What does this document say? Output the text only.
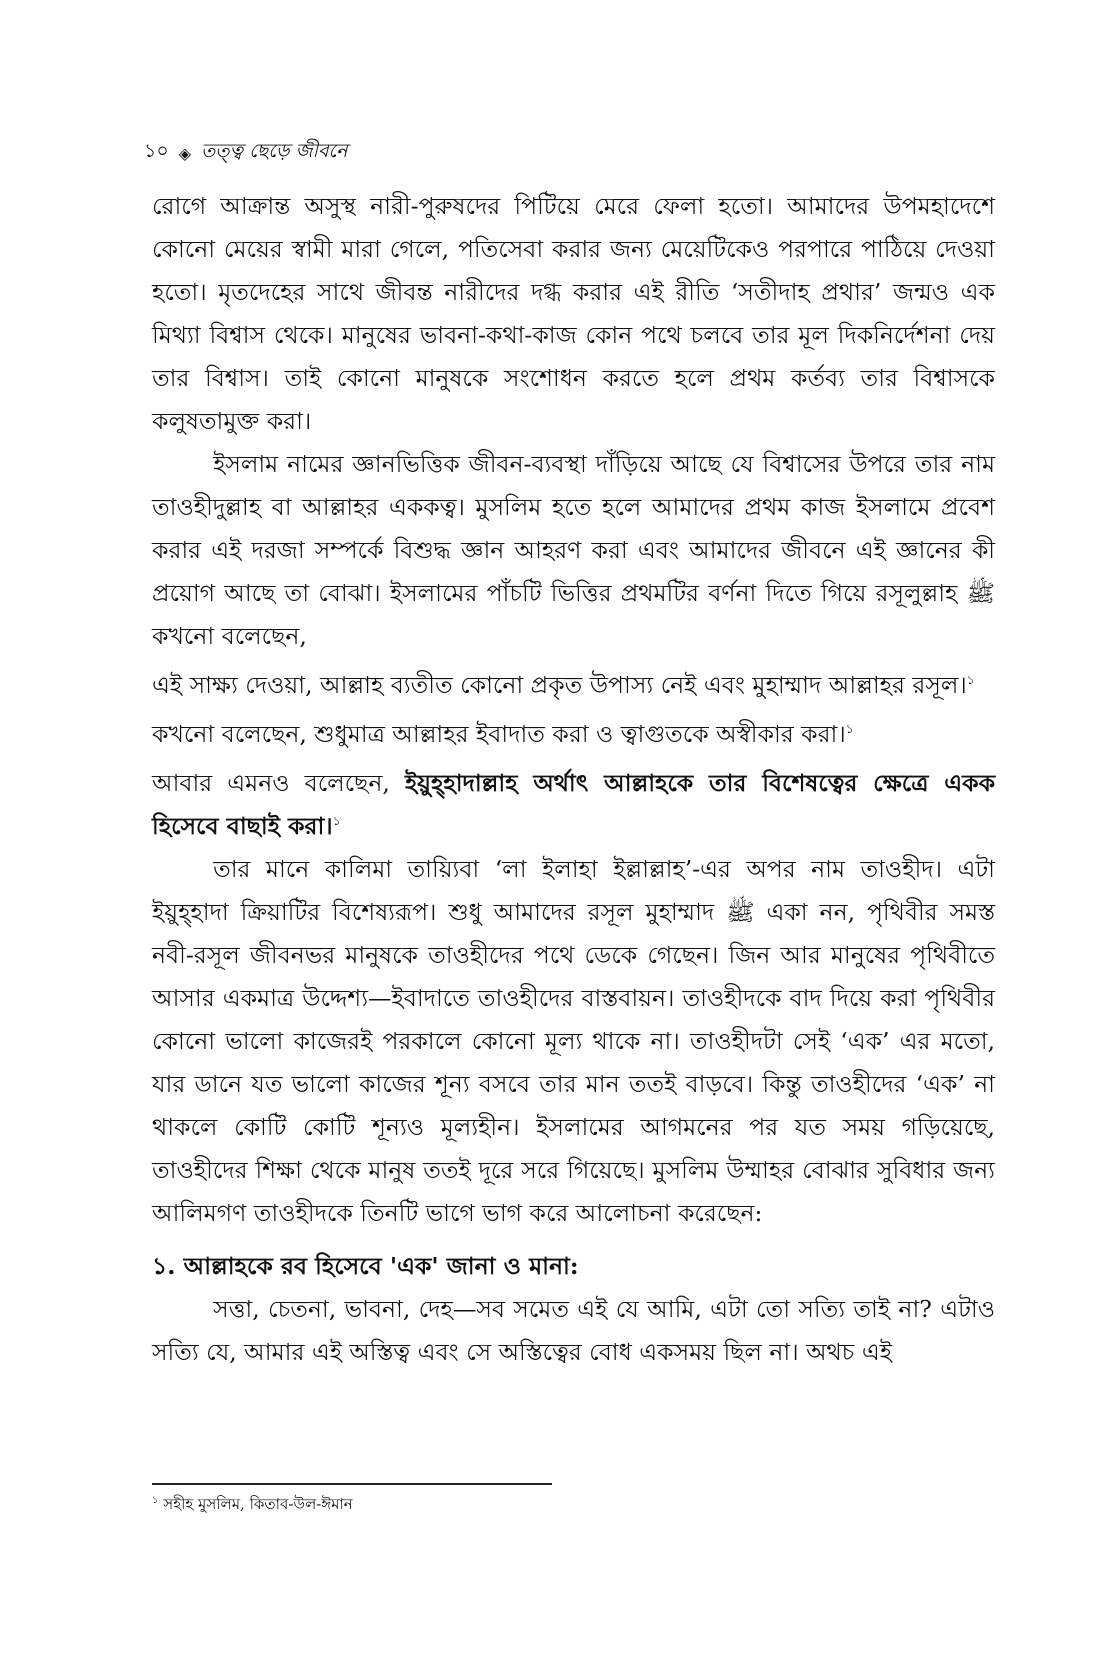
১০ ◈ তত্ত্ব ছেড়ে জীবনে

রোগে আক্রান্ত অসুস্থ নারী-পুরুষদের পিটিয়ে মেরে ফেলা হতো। আমাদের উপমহাদেশে কোনো মেয়ের স্বামী মারা গেলে, পতিসেবা করার জন্য মেয়েটিকেও পরপারে পাঠিয়ে দেওয়া হতো। মৃতদেহের সাথে জীবন্ত নারীদের দগ্ধ করার এই রীতি ‘সতীদাহ প্রথার’ জন্মও এক মিথ্যা বিশ্বাস থেকে। মানুষের ভাবনা-কথা-কাজ কোন পথে চলবে তার মূল দিকনির্দেশনা দেয় তার বিশ্বাস। তাই কোনো মানুষকে সংশোধন করতে হলে প্রথম কর্তব্য তার বিশ্বাসকে কলুষতামুক্ত করা।

ইসলাম নামের জ্ঞানভিত্তিক জীবন-ব্যবস্থা দাঁড়িয়ে আছে যে বিশ্বাসের উপরে তার নাম তাওহীদুল্লাহ বা আল্লাহর এককত্ব। মুসলিম হতে হলে আমাদের প্রথম কাজ ইসলামে প্রবেশ করার এই দরজা সম্পর্কে বিশুদ্ধ জ্ঞান আহরণ করা এবং আমাদের জীবনে এই জ্ঞানের কী প্রয়োগ আছে তা বোঝা। ইসলামের পাঁচটি ভিত্তির প্রথমটির বর্ণনা দিতে গিয়ে রসূলুল্লাহ ﷺ কখনো বলেছেন,

এই সাক্ষ্য দেওয়া, আল্লাহ ব্যতীত কোনো প্রকৃত উপাস্য নেই এবং মুহাম্মাদ আল্লাহর রসূল।$^১$

কখনো বলেছেন, শুধুমাত্র আল্লাহর ইবাদাত করা ও ত্বাগুতকে অস্বীকার করা।$^১$

আবার এমনও বলেছেন, ইয়ুহ্হাদাল্লাহ অর্থাৎ আল্লাহকে তার বিশেষত্বের ক্ষেত্রে একক হিসেবে বাছাই করা।$^১$

তার মানে কালিমা তায়্যিবা ‘লা ইলাহা ইল্লাল্লাহ’-এর অপর নাম তাওহীদ। এটা ইয়ুহ্হাদা ক্রিয়াটির বিশেষ্যরূপ। শুধু আমাদের রসূল মুহাম্মাদ ﷺ একা নন, পৃথিবীর সমস্ত নবী-রসূল জীবনভর মানুষকে তাওহীদের পথে ডেকে গেছেন। জিন আর মানুষের পৃথিবীতে আসার একমাত্র উদ্দেশ্য—ইবাদাতে তাওহীদের বাস্তবায়ন। তাওহীদকে বাদ দিয়ে করা পৃথিবীর কোনো ভালো কাজেরই পরকালে কোনো মূল্য থাকে না। তাওহীদটা সেই ‘এক’ এর মতো, যার ডানে যত ভালো কাজের শূন্য বসবে তার মান ততই বাড়বে। কিন্তু তাওহীদের ‘এক’ না থাকলে কোটি কোটি শূন্যও মূল্যহীন। ইসলামের আগমনের পর যত সময় গড়িয়েছে, তাওহীদের শিক্ষা থেকে মানুষ ততই দূরে সরে গিয়েছে। মুসলিম উম্মাহর বোঝার সুবিধার জন্য আলিমগণ তাওহীদকে তিনটি ভাগে ভাগ করে আলোচনা করেছেন:

১. আল্লাহকে রব হিসেবে 'এক' জানা ও মানা:

সত্তা, চেতনা, ভাবনা, দেহ—সব সমেত এই যে আমি, এটা তো সত্যি তাই না? এটাও সত্যি যে, আমার এই অস্তিত্ব এবং সে অস্তিত্বের বোধ একসময় ছিল না। অথচ এই

$^১$ সহীহ মুসলিম, কিতাব-উল-ঈমান
